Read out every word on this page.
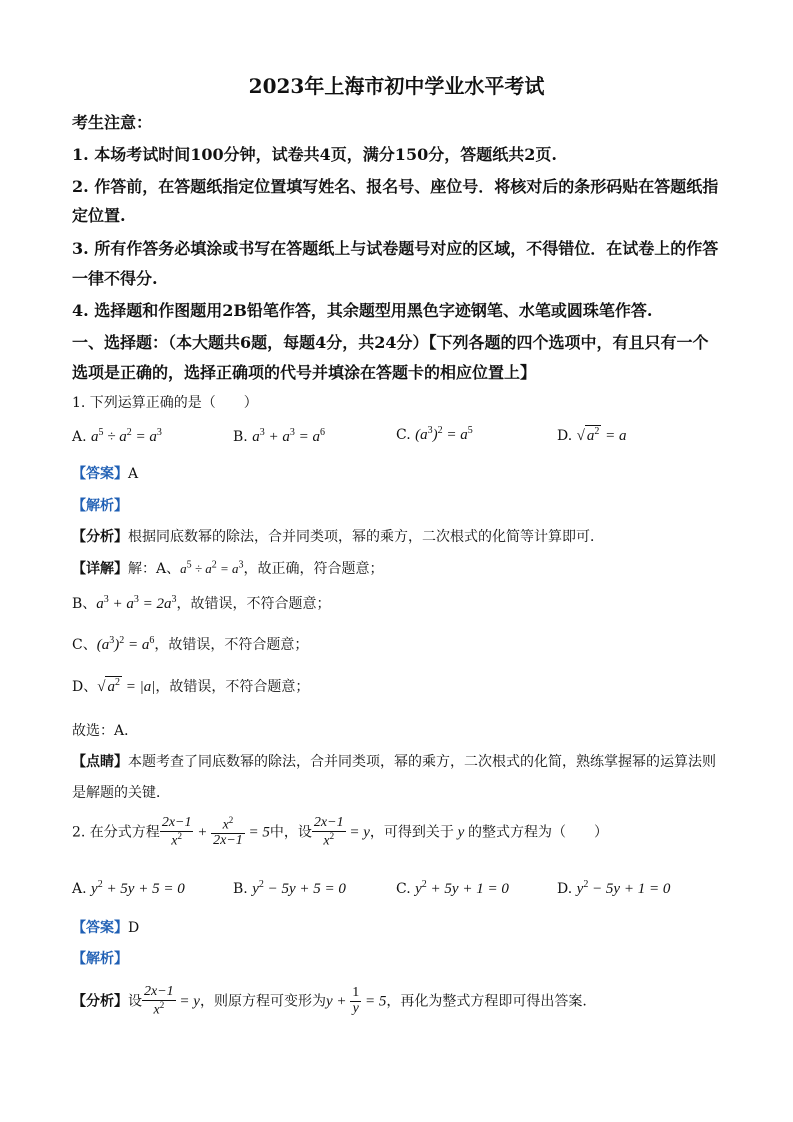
2023年上海市初中学业水平考试
考生注意：
1. 本场考试时间100分钟，试卷共4页，满分150分，答题纸共2页.
2. 作答前，在答题纸指定位置填写姓名、报名号、座位号．将核对后的条形码贴在答题纸指
定位置.
3. 所有作答务必填涂或书写在答题纸上与试卷题号对应的区域，不得错位．在试卷上的作答
一律不得分.
4. 选择题和作图题用2B铅笔作答，其余题型用黑色字迹钢笔、水笔或圆珠笔作答.
一、选择题：（本大题共6题，每题4分，共24分）【下列各题的四个选项中，有且只有一个
选项是正确的，选择正确项的代号并填涂在答题卡的相应位置上】
1. 下列运算正确的是（　　）
A. $a^5 \div a^2 = a^3$	B. $a^3 + a^3 = a^6$	C. $(a^3)^2 = a^5$	D. √ $a^2 = a$
【答案】A
【解析】
【分析】根据同底数幂的除法，合并同类项，幂的乘方，二次根式的化简等计算即可．
【详解】解：A、$a^5 \div a^2 = a^3$，故正确，符合题意；
B、$a^3 + a^3 = 2a^3$，故错误，不符合题意；
C、$(a^3)^2 = a^6$，故错误，不符合题意；
D、√ $a^2 = |a|$，故错误，不符合题意；
故选：A．
【点睛】本题考查了同底数幂的除法，合并同类项，幂的乘方，二次根式的化简，熟练掌握幂的运算法则
是解题的关键．
2. 在分式方程 $\frac{2x-1}{x^2} + \frac{x^2}{2x-1} = 5$中，设 $\frac{2x-1}{x^2} = y$，可得到关于 y 的整式方程为（　　）
A. $y^2 + 5y + 5 = 0$	B. $y^2 - 5y + 5 = 0$	C. $y^2 + 5y + 1 = 0$	D. $y^2 - 5y + 1 = 0$
【答案】D
【解析】
【分析】设 $\frac{2x-1}{x^2} = y$，则原方程可变形为$y + \frac{1}{y} = 5$，再化为整式方程即可得出答案.
